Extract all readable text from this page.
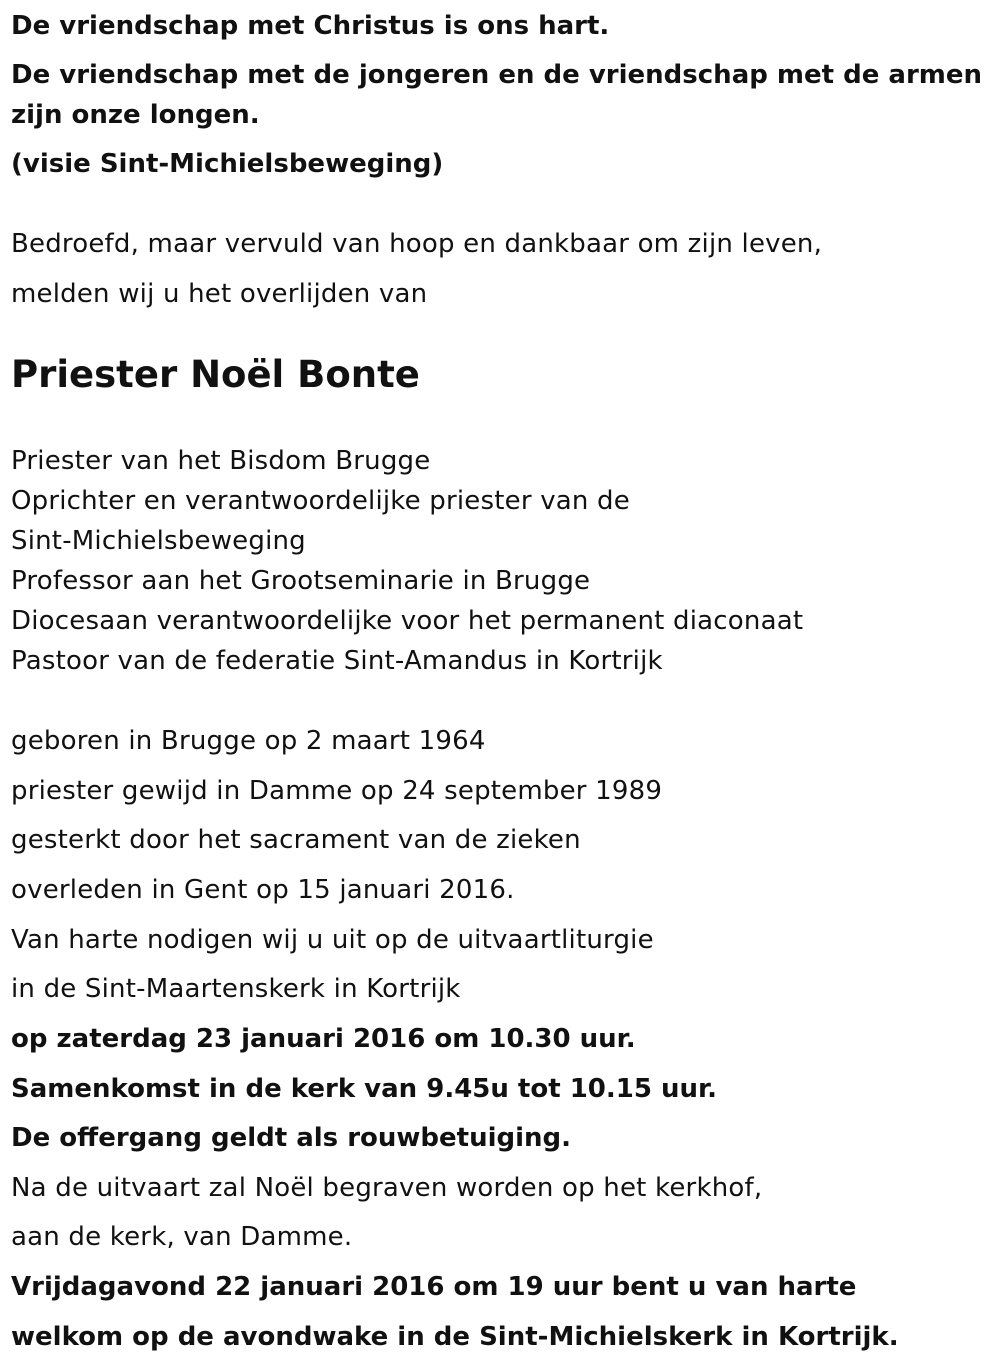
De vriendschap met Christus is ons hart.
De vriendschap met de jongeren en de vriendschap met de armen
zijn onze longen.
(visie Sint-Michielsbeweging)
Bedroefd, maar vervuld van hoop en dankbaar om zijn leven,
melden wij u het overlijden van
Priester Noël Bonte
Priester van het Bisdom Brugge
Oprichter en verantwoordelijke priester van de
Sint-Michielsbeweging
Professor aan het Grootseminarie in Brugge
Diocesaan verantwoordelijke voor het permanent diaconaat
Pastoor van de federatie Sint-Amandus in Kortrijk
geboren in Brugge op 2 maart 1964
priester gewijd in Damme op 24 september 1989
gesterkt door het sacrament van de zieken
overleden in Gent op 15 januari 2016.
Van harte nodigen wij u uit op de uitvaartliturgie
in de Sint-Maartenskerk in Kortrijk
op zaterdag 23 januari 2016 om 10.30 uur.
Samenkomst in de kerk van 9.45u tot 10.15 uur.
De offergang geldt als rouwbetuiging.
Na de uitvaart zal Noël begraven worden op het kerkhof,
aan de kerk, van Damme.
Vrijdagavond 22 januari 2016 om 19 uur bent u van harte
welkom op de avondwake in de Sint-Michielskerk in Kortrijk.
